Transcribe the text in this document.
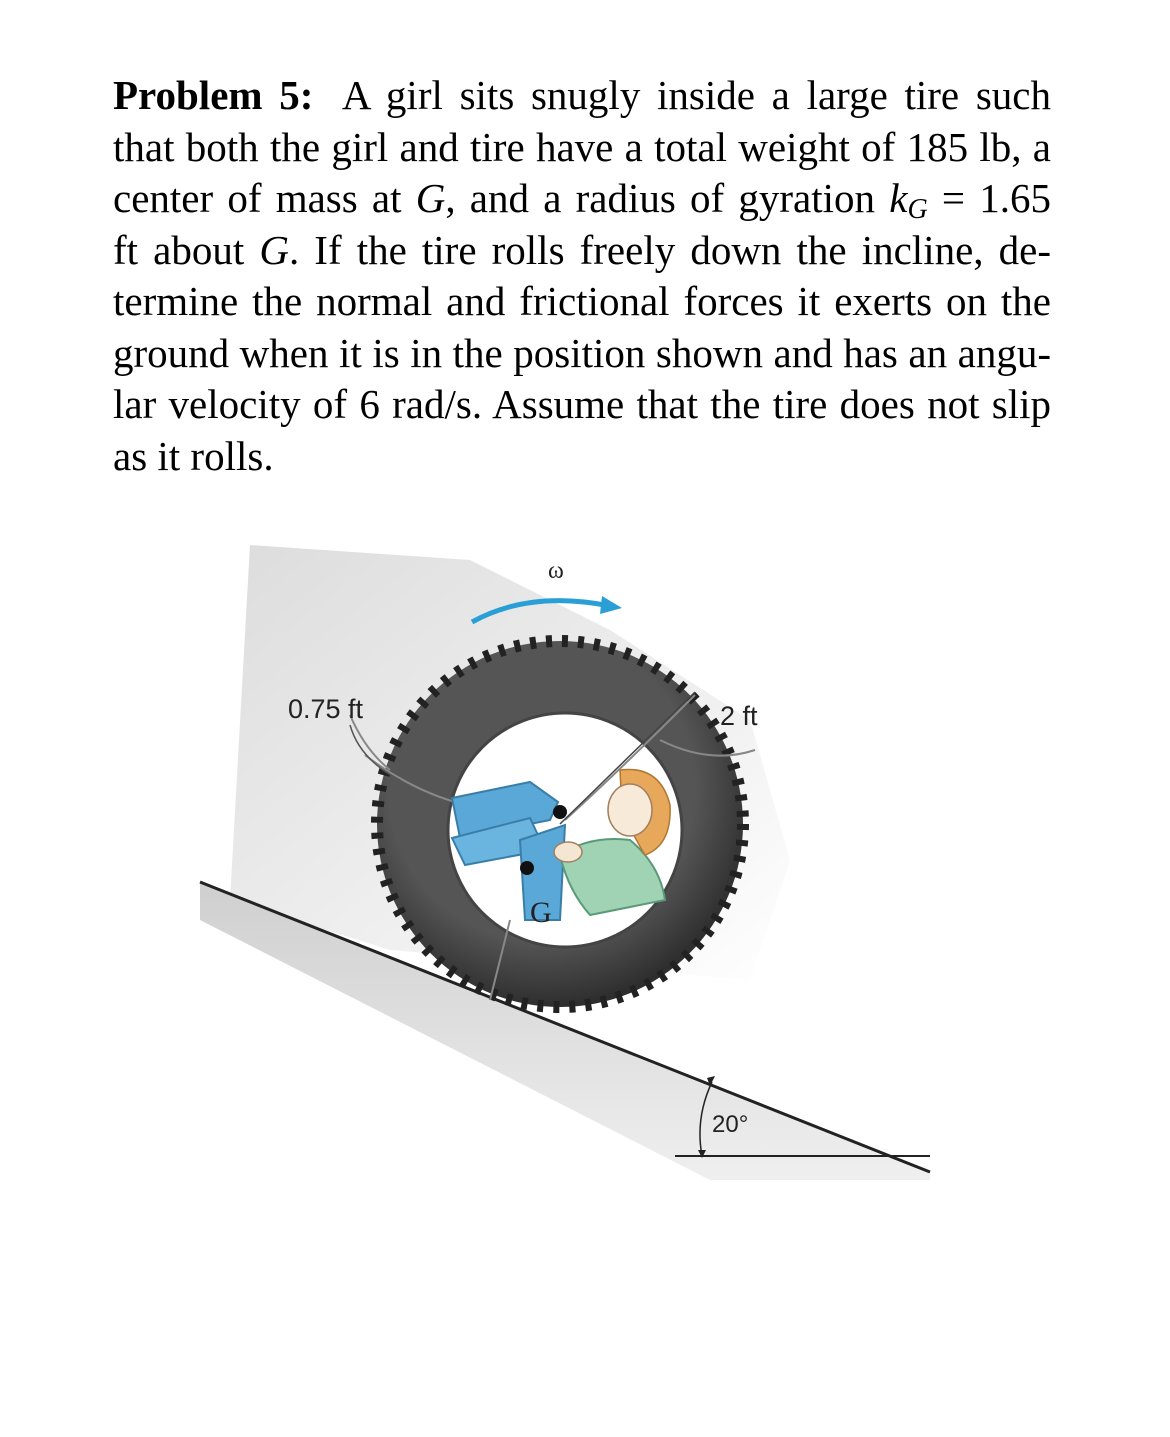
Problem 5: A girl sits snugly inside a large tire such
that both the girl and tire have a total weight of 185 lb, a
center of mass at G, and a radius of gyration $k_G = 1.65$
ft about G. If the tire rolls freely down the incline, de-
termine the normal and frictional forces it exerts on the
ground when it is in the position shown and has an angu-
lar velocity of 6 rad/s. Assume that the tire does not slip
as it rolls.
20°
G
0.75 ft	2 ft
ω
